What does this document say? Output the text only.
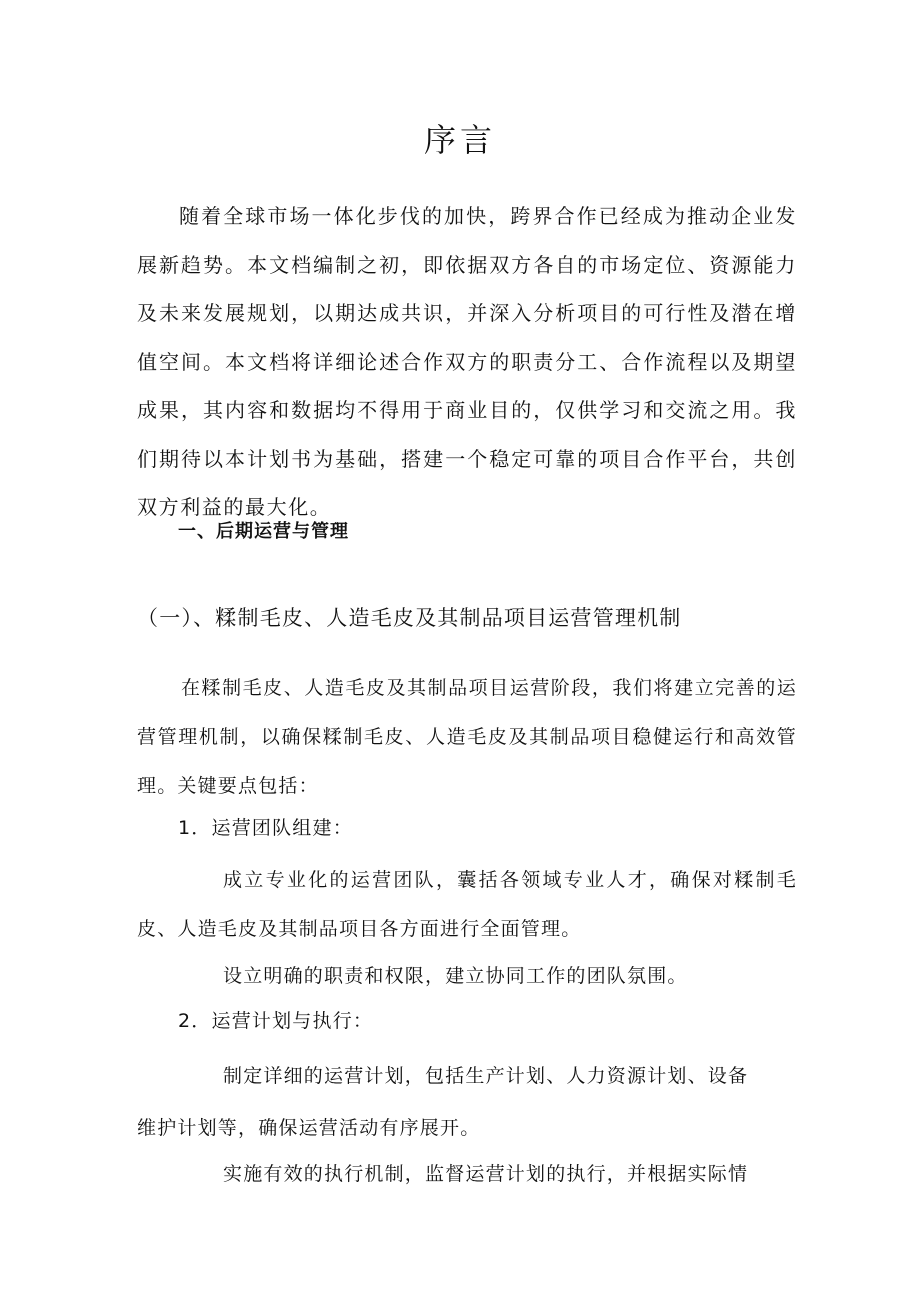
序言

随着全球市场一体化步伐的加快，跨界合作已经成为推动企业发展新趋势。本文档编制之初，即依据双方各自的市场定位、资源能力及未来发展规划，以期达成共识，并深入分析项目的可行性及潜在增值空间。本文档将详细论述合作双方的职责分工、合作流程以及期望成果，其内容和数据均不得用于商业目的，仅供学习和交流之用。我们期待以本计划书为基础，搭建一个稳定可靠的项目合作平台，共创双方利益的最大化。

一、后期运营与管理
（一）、糅制毛皮、人造毛皮及其制品项目运营管理机制

在糅制毛皮、人造毛皮及其制品项目运营阶段，我们将建立完善的运营管理机制，以确保糅制毛皮、人造毛皮及其制品项目稳健运行和高效管理。关键要点包括：

1．运营团队组建：

成立专业化的运营团队，囊括各领域专业人才，确保对糅制毛皮、人造毛皮及其制品项目各方面进行全面管理。

设立明确的职责和权限，建立协同工作的团队氛围。

2．运营计划与执行：

制定详细的运营计划，包括生产计划、人力资源计划、设备维护计划等，确保运营活动有序展开。

实施有效的执行机制，监督运营计划的执行，并根据实际情
